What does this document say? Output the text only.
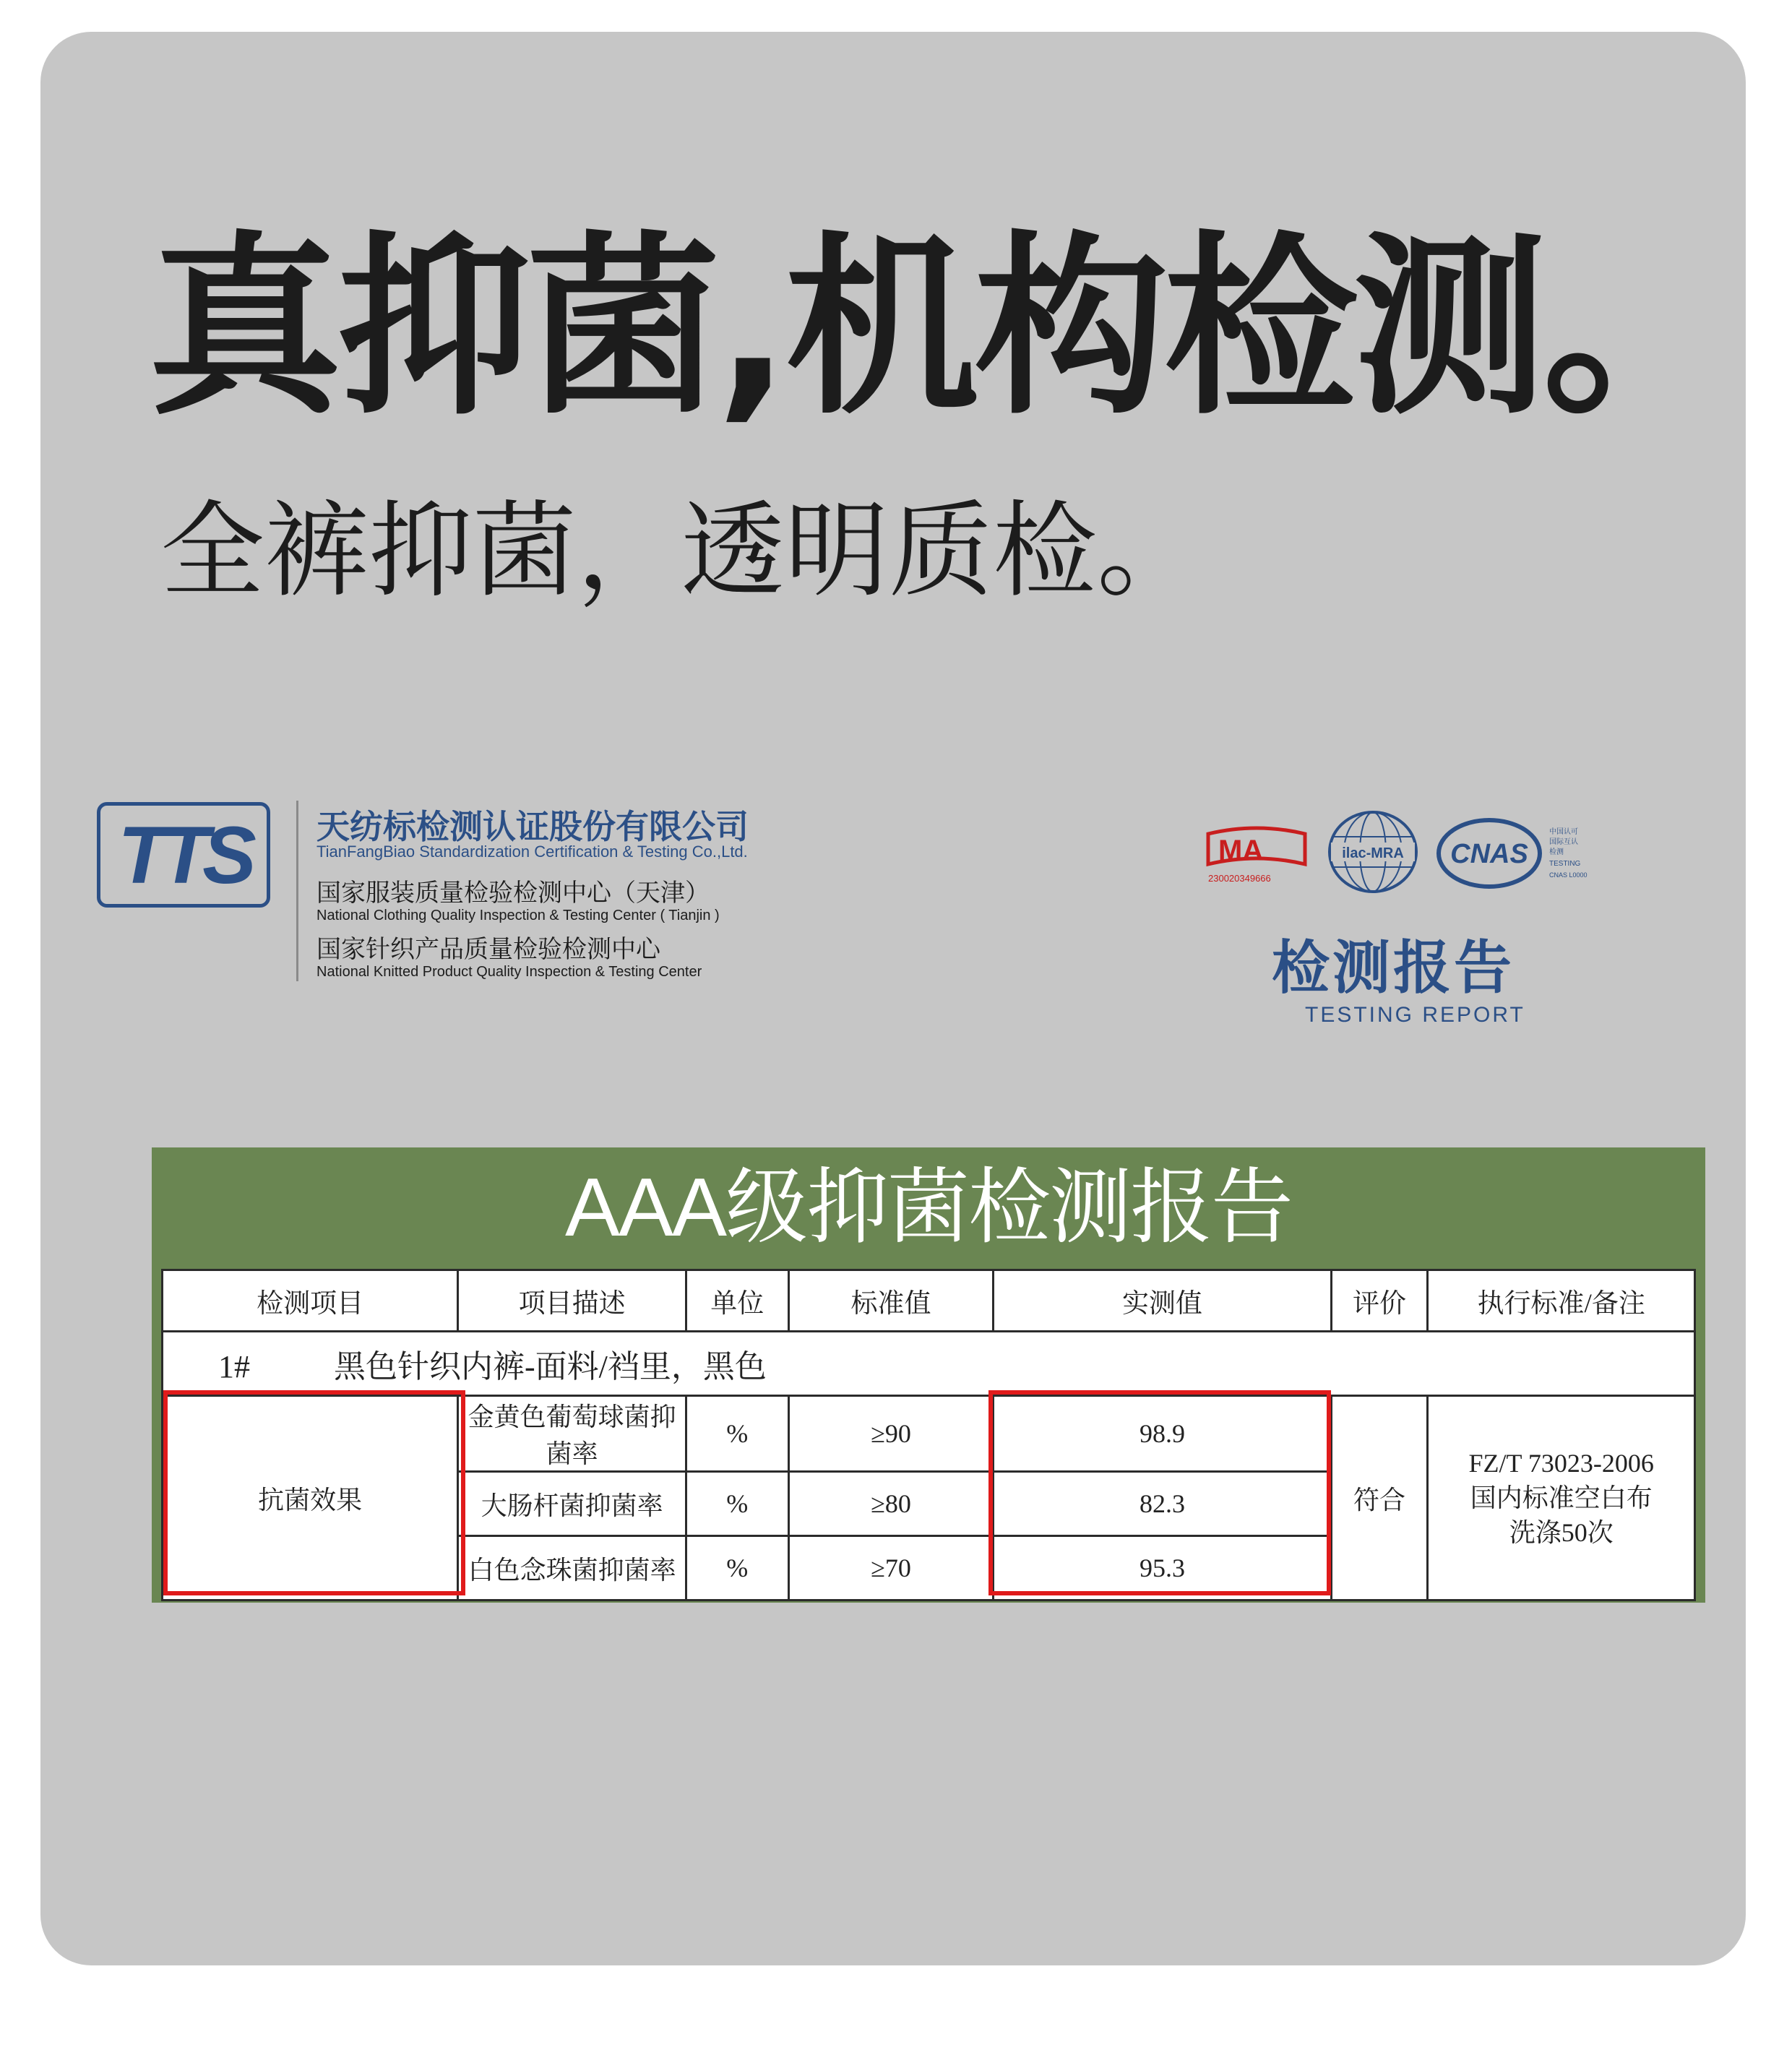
真抑菌,机构检测。
全裤抑菌，透明质检。
TTS 天纺标检测认证股份有限公司
TianFangBiao Standardization Certification & Testing Co.,Ltd.
国家服装质量检验检测中心（天津）
National Clothing Quality Inspection & Testing Center ( Tianjin )
国家针织产品质量检验检测中心
National Knitted Product Quality Inspection & Testing Center
MA
230020349666
ilac-MRA CNAS
中国认可
国际互认
检测
TESTING
CNAS L0000
检测报告
TESTING REPORT
AAA级抑菌检测报告
检测项目	项目描述	单位	标准值	实测值	评价	执行标准/备注
1# 黑色针织内裤-面料/裆里，黑色						
抗菌效果	金黄色葡萄球菌抑菌率	%	≥90	98.9	符合	FZ/T 73023-2006
国内标准空白布
洗涤50次

	大肠杆菌抑菌率	%	≥80	82.3		
	白色念珠菌抑菌率	%	≥70	95.3		
